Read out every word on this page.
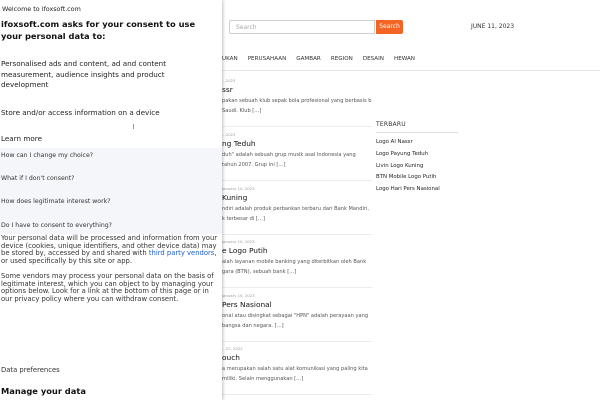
Search
Search	JUNE 11, 2023
UKAN PERUSAHAAN GAMBAR REGION DESAIN HEWAN
…2023
ssr
pakan sebuah klub sepak bola profesional yang berbasis b Saudi. Klub […]
…2023
ng Teduh
duh" adalah sebuah grup musik asal Indonesia yang tahun 2007. Grup ini […]
January 10, 2023
Kuning
ndiri adalah produk perbankan terbaru dari Bank Mandiri, k terbesar di […]
January 10, 2023
e Logo Putih
alah layanan mobile banking yang diterbitkan oleh Bank gara (BTN), sebuah bank […]
January 10, 2023
Pers Nasional
onal atau disingkat sebagai "HPN" adalah perayaan yang bangsa dan negara. […]
…22, 2022
ouch
a merupakan salah satu alat komunikasi yang paling kita miliki. Selain menggunakan […]
TERBARU
Logo Al Nassr
Logo Payung Teduh
Livin Logo Kuning
BTN Mobile Logo Putih
Logo Hari Pers Nasional
Welcome to ifoxsoft.com
ifoxsoft.com asks for your consent to use your personal data to:
Personalised ads and content, ad and content measurement, audience insights and product development
Store and/or access information on a device
Learn more
How can I change my choice?
What if I don't consent?
How does legitimate interest work?
Do I have to consent to everything?

Your personal data will be processed and information from your device (cookies, unique identifiers, and other device data) may be stored by, accessed by and shared with third party vendors, or used specifically by this site or app.

Some vendors may process your personal data on the basis of legitimate interest, which you can object to by managing your options below. Look for a link at the bottom of this page or in our privacy policy where you can withdraw consent.

Data preferences
Manage your data
